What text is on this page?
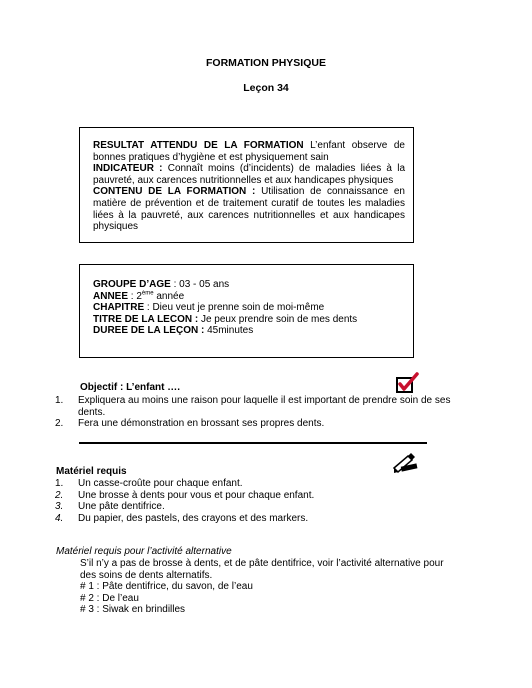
FORMATION PHYSIQUE
Leçon 34

RESULTAT ATTENDU DE LA FORMATION L’enfant observe de bonnes pratiques d’hygiène et est physiquement sain

INDICATEUR : Connaît moins (d’incidents) de maladies liées à la pauvreté, aux carences nutritionnelles et aux handicapes physiques

CONTENU DE LA FORMATION : Utilisation de connaissance en matière de prévention et de traitement curatif de toutes les maladies liées à la pauvreté, aux carences nutritionnelles et aux handicapes physiques

GROUPE D’AGE : 03 - 05 ans
ANNEE : 2ème année
CHAPITRE : Dieu veut je prenne soin de moi-même
TITRE DE LA LECON : Je peux prendre soin de mes dents
DUREE DE LA LEÇON : 45minutes
Objectif : L’enfant ….
1. Expliquera au moins une raison pour laquelle il est important de prendre soin de ses
dents.
2. Fera une démonstration en brossant ses propres dents.
Matériel requis
1. Un casse-croûte pour chaque enfant.
2. Une brosse à dents pour vous et pour chaque enfant.
3. Une pâte dentifrice.
4. Du papier, des pastels, des crayons et des markers.
Matériel requis pour l’activité alternative
S’il n’y a pas de brosse à dents, et de pâte dentifrice, voir l’activité alternative pour
des soins de dents alternatifs.
# 1 : Pâte dentifrice, du savon, de l’eau
# 2 : De l’eau
# 3 : Siwak en brindilles
